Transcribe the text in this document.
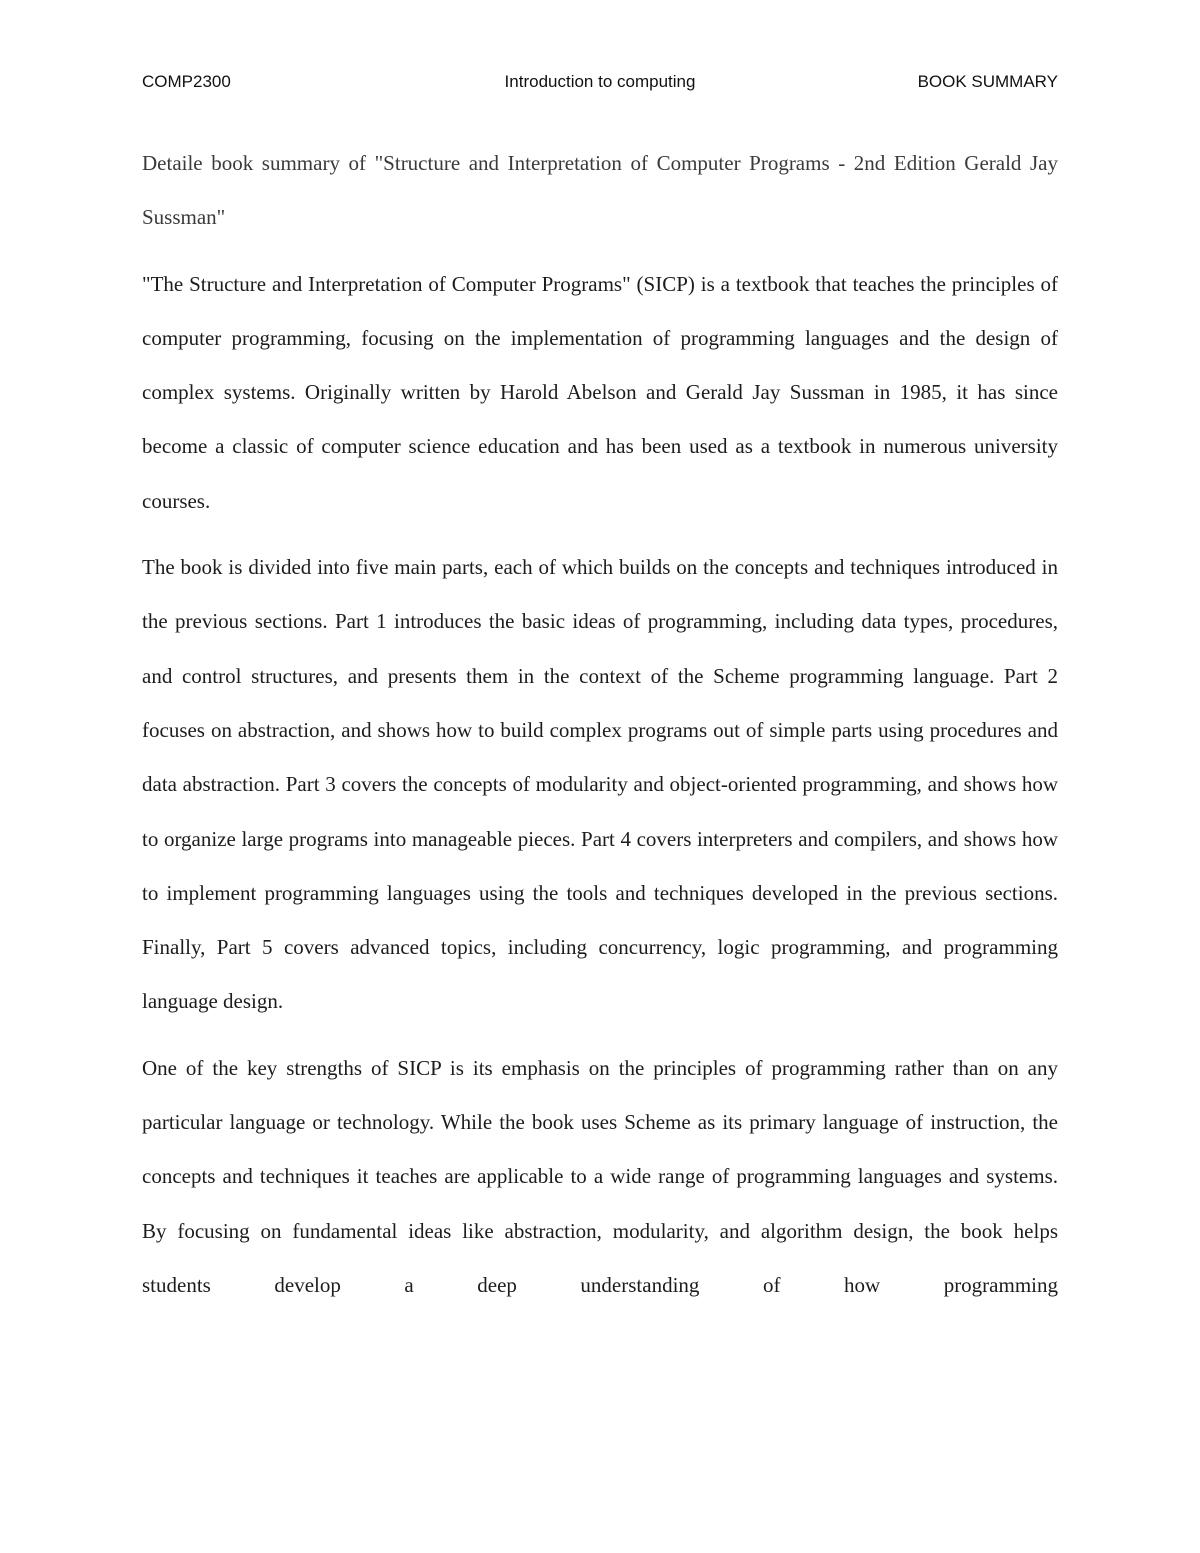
COMP2300	Introduction to computing	BOOK SUMMARY

Detaile book summary of "Structure and Interpretation of Computer Programs - 2nd Edition Gerald Jay Sussman"

"The Structure and Interpretation of Computer Programs" (SICP) is a textbook that teaches the principles of computer programming, focusing on the implementation of programming languages and the design of complex systems. Originally written by Harold Abelson and Gerald Jay Sussman in 1985, it has since become a classic of computer science education and has been used as a textbook in numerous university courses.

The book is divided into five main parts, each of which builds on the concepts and techniques introduced in the previous sections. Part 1 introduces the basic ideas of programming, including data types, procedures, and control structures, and presents them in the context of the Scheme programming language. Part 2 focuses on abstraction, and shows how to build complex programs out of simple parts using procedures and data abstraction. Part 3 covers the concepts of modularity and object-oriented programming, and shows how to organize large programs into manageable pieces. Part 4 covers interpreters and compilers, and shows how to implement programming languages using the tools and techniques developed in the previous sections. Finally, Part 5 covers advanced topics, including concurrency, logic programming, and programming language design.

One of the key strengths of SICP is its emphasis on the principles of programming rather than on any particular language or technology. While the book uses Scheme as its primary language of instruction, the concepts and techniques it teaches are applicable to a wide range of programming languages and systems. By focusing on fundamental ideas like abstraction, modularity, and algorithm design, the book helps students develop a deep understanding of how programming
